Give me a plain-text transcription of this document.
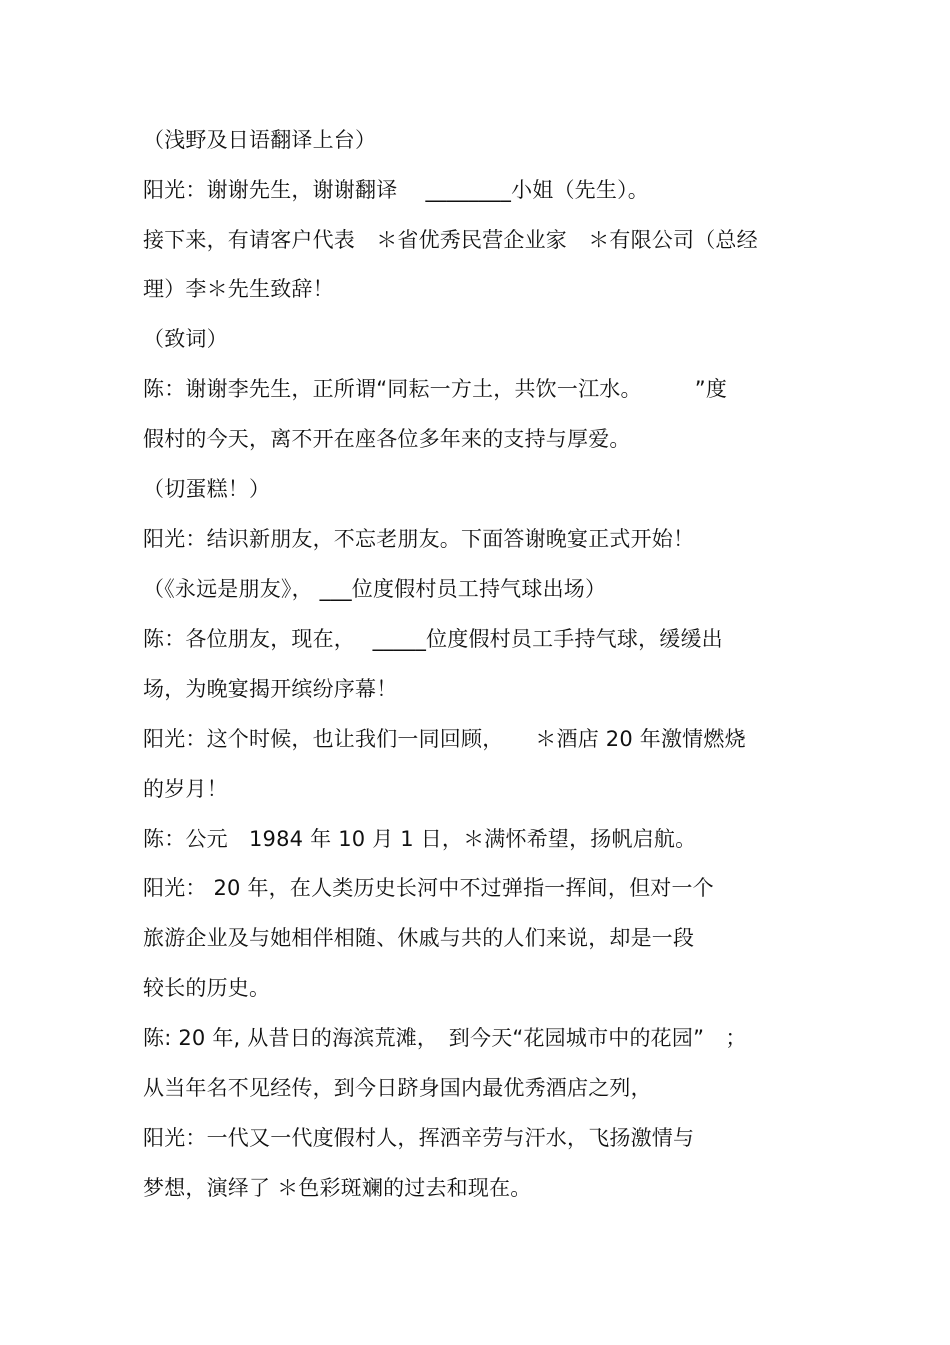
（浅野及日语翻译上台）
阳光：谢谢先生，谢谢翻译　 ________小姐（先生）。
接下来，有请客户代表　＊省优秀民营企业家　＊有限公司（总经
理）李＊先生致辞！
（致词）
陈：谢谢李先生，正所谓“同耘一方土，共饮一江水。　　　”度
假村的今天，离不开在座各位多年来的支持与厚爱。
（切蛋糕！）
阳光：结识新朋友，不忘老朋友。下面答谢晚宴正式开始！
（《永远是朋友》， ___位度假村员工持气球出场）
陈：各位朋友，现在，　 _____位度假村员工手持气球，缓缓出
场，为晚宴揭开缤纷序幕！
阳光：这个时候，也让我们一同回顾，　　＊酒店 20 年激情燃烧
的岁月！
陈：公元　1984 年 10 月 1 日，＊满怀希望，扬帆启航。
阳光： 20 年，在人类历史长河中不过弹指一挥间，但对一个
旅游企业及与她相伴相随、休戚与共的人们来说，却是一段
较长的历史。
陈: 20 年, 从昔日的海滨荒滩，　到今天“花园城市中的花园”　；
从当年名不见经传，到今日跻身国内最优秀酒店之列，
阳光：一代又一代度假村人，挥洒辛劳与汗水，飞扬激情与
梦想，演绎了 ＊色彩斑斓的过去和现在。
